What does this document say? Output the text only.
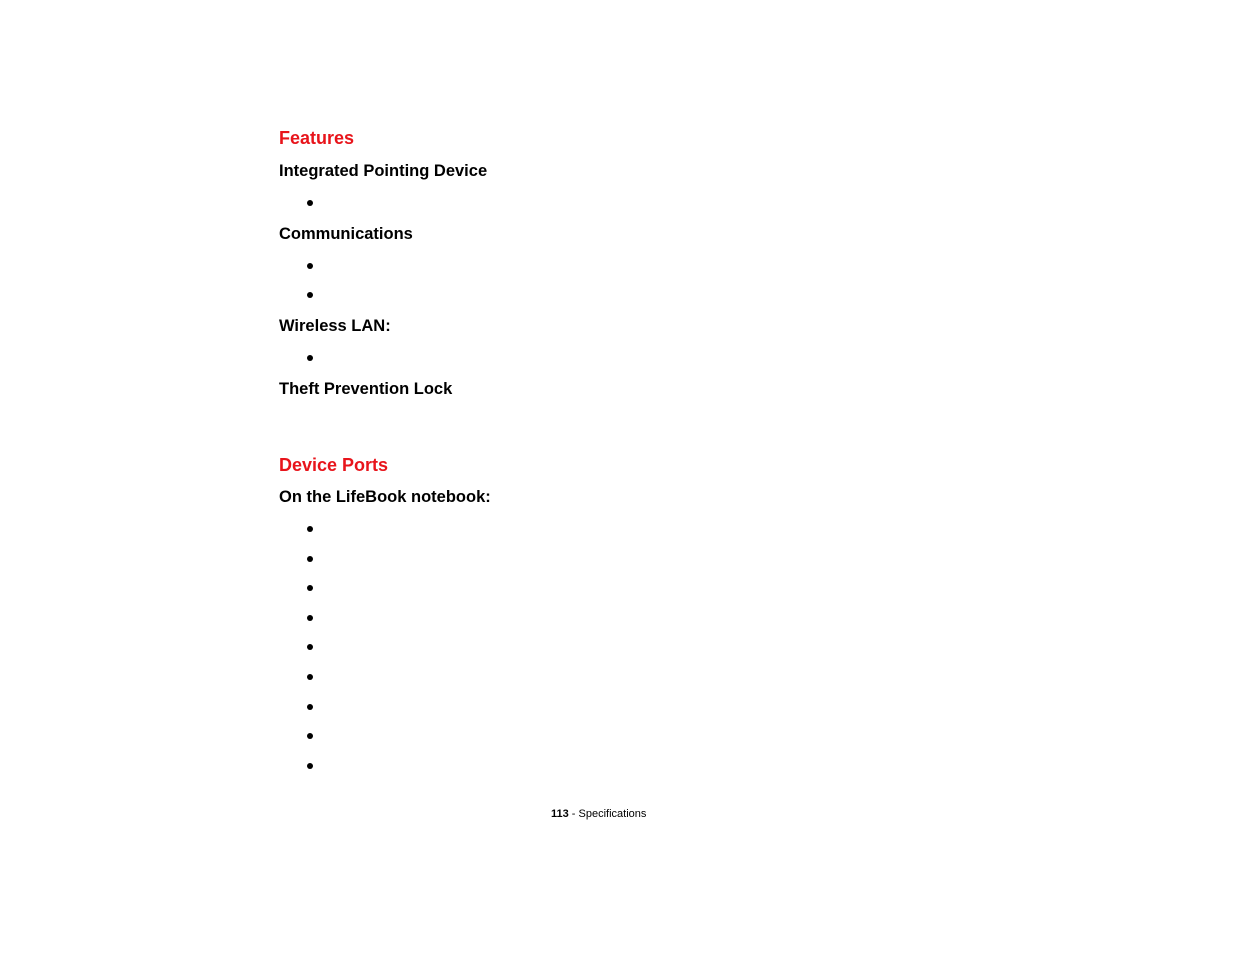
Features
Integrated Pointing Device
Communications
Wireless LAN:
Theft Prevention Lock
Device Ports
On the LifeBook notebook:
113 - Specifications
